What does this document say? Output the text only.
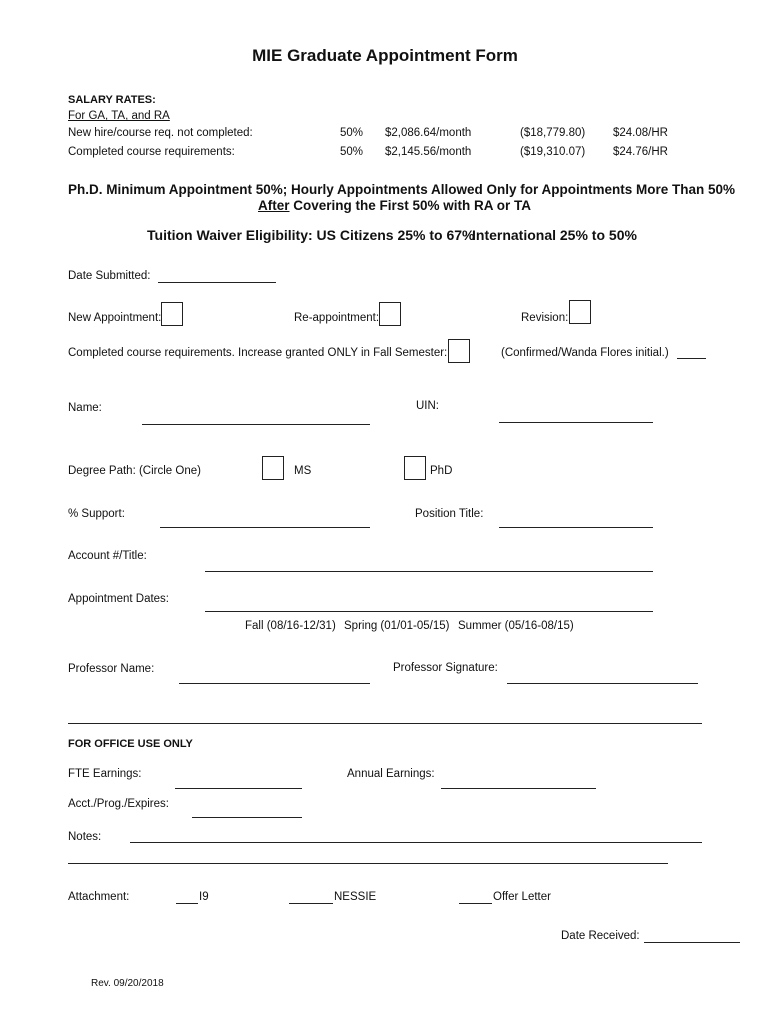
MIE Graduate Appointment Form
SALARY RATES:
For GA, TA, and RA
New hire/course req. not completed:	50% $2,086.64/month	($18,779.80) $24.08/HR
Completed course requirements:	50% $2,145.56/month	($19,310.07) $24.76/HR
Ph.D. Minimum Appointment 50%; Hourly Appointments Allowed Only for Appointments More Than 50%
After Covering the First 50% with RA or TA
Tuition Waiver Eligibility: US Citizens 25% to 67%
International 25% to 50%
Date Submitted:
New Appointment:	Re-appointment:	Revision:
Completed course requirements. Increase granted ONLY in Fall Semester:	(Confirmed/Wanda Flores initial.)
Name:	UIN:
Degree Path: (Circle One)	MS	PhD
% Support:	Position Title:
Account #/Title:
Appointment Dates:
Fall (08/16-12/31) Spring (01/01-05/15) Summer (05/16-08/15)
Professor Name:	Professor Signature:
FOR OFFICE USE ONLY
FTE Earnings:	Annual Earnings:
Acct./Prog./Expires:
Notes:
Attachment:	I9	NESSIE	Offer Letter
Date Received:
Rev. 09/20/2018
